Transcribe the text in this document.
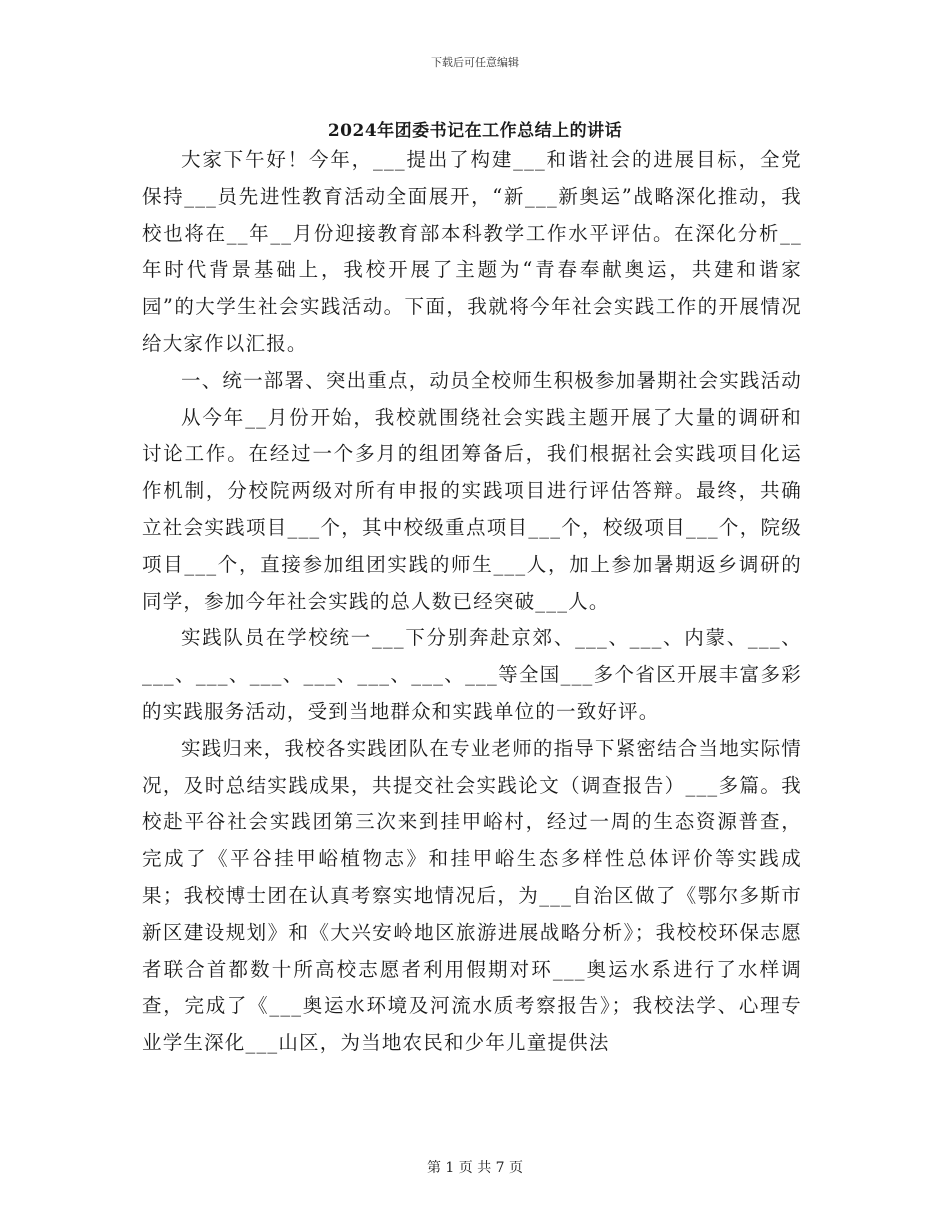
下载后可任意编辑
2024年团委书记在工作总结上的讲话

大家下午好！今年，___提出了构建___和谐社会的进展目标，全党保持___员先进性教育活动全面展开，“新___新奥运”战略深化推动，我校也将在__年__月份迎接教育部本科教学工作水平评估。在深化分析__年时代背景基础上，我校开展了主题为“青春奉献奥运，共建和谐家园”的大学生社会实践活动。下面，我就将今年社会实践工作的开展情况给大家作以汇报。

一、统一部署、突出重点，动员全校师生积极参加暑期社会实践活动

从今年__月份开始，我校就围绕社会实践主题开展了大量的调研和讨论工作。在经过一个多月的组团筹备后，我们根据社会实践项目化运作机制，分校院两级对所有申报的实践项目进行评估答辩。最终，共确立社会实践项目___个，其中校级重点项目___个，校级项目___个，院级项目___个，直接参加组团实践的师生___人，加上参加暑期返乡调研的同学，参加今年社会实践的总人数已经突破___人。

实践队员在学校统一___下分别奔赴京郊、___、___、内蒙、___、___、___、___、___、___、___、___等全国___多个省区开展丰富多彩的实践服务活动，受到当地群众和实践单位的一致好评。

实践归来，我校各实践团队在专业老师的指导下紧密结合当地实际情况，及时总结实践成果，共提交社会实践论文（调查报告）___多篇。我校赴平谷社会实践团第三次来到挂甲峪村，经过一周的生态资源普查，完成了《平谷挂甲峪植物志》和挂甲峪生态多样性总体评价等实践成果；我校博士团在认真考察实地情况后，为___自治区做了《鄂尔多斯市新区建设规划》和《大兴安岭地区旅游进展战略分析》；我校校环保志愿者联合首都数十所高校志愿者利用假期对环___奥运水系进行了水样调查，完成了《___奥运水环境及河流水质考察报告》；我校法学、心理专业学生深化___山区，为当地农民和少年儿童提供法

第 1 页 共 7 页
